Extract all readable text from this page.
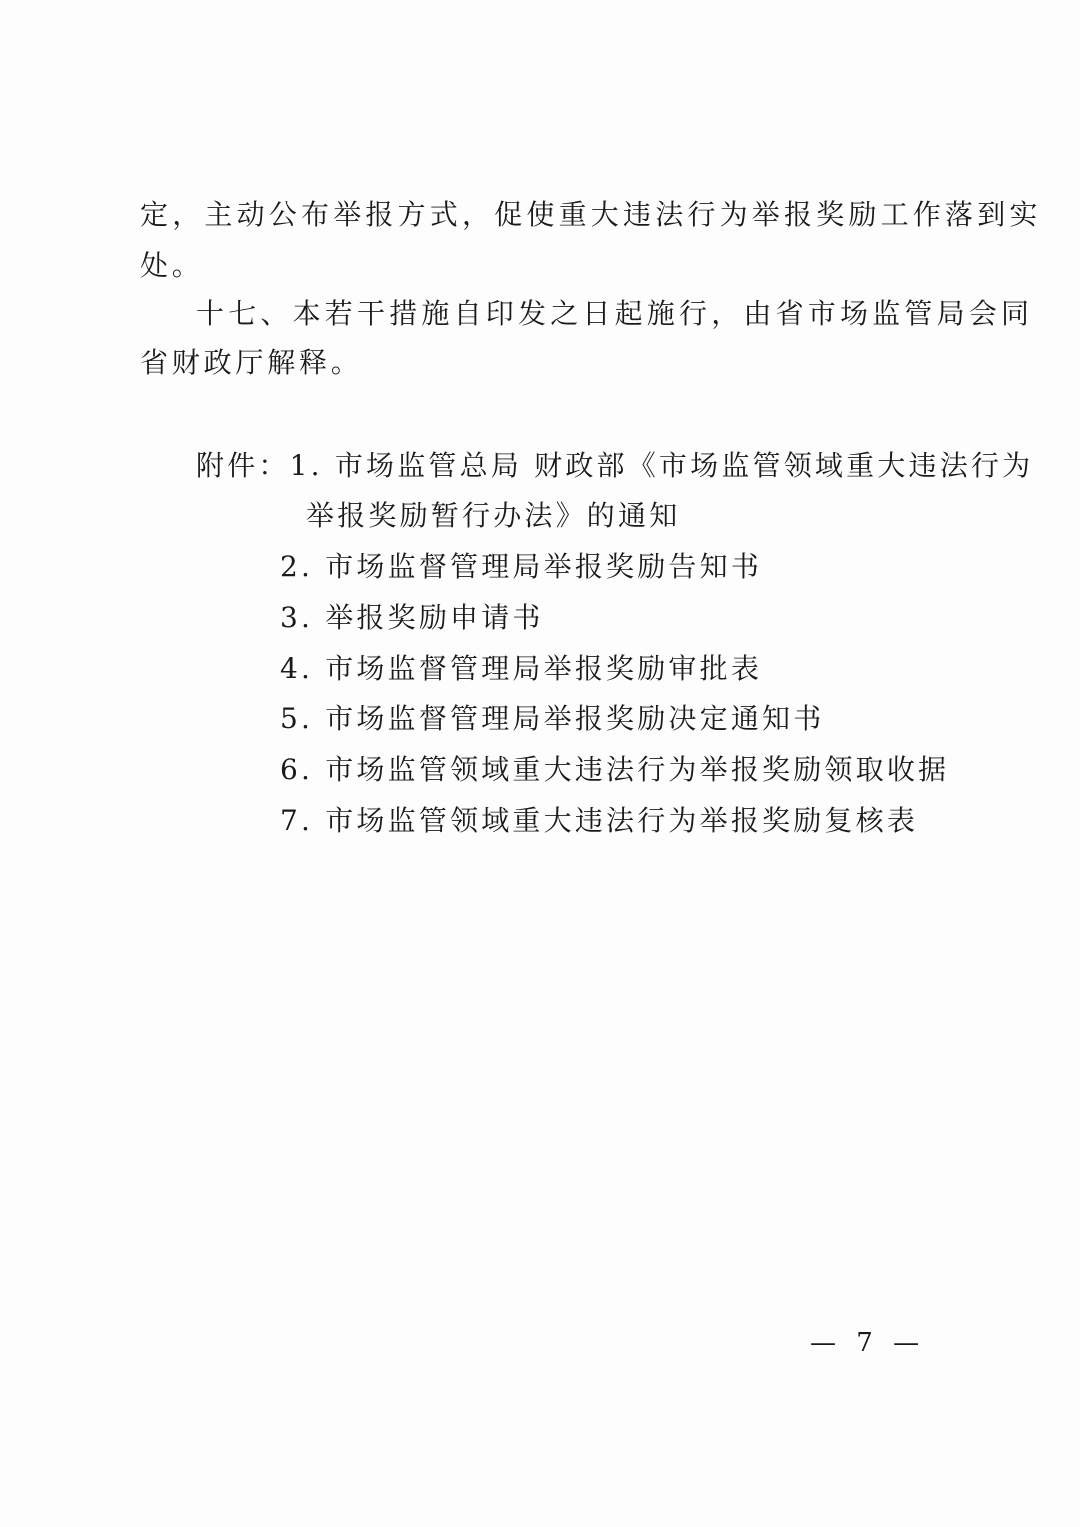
定，主动公布举报方式，促使重大违法行为举报奖励工作落到实
处。
十七、本若干措施自印发之日起施行，由省市场监管局会同
省财政厅解释。
附件：1. 市场监管总局 财政部《市场监管领域重大违法行为
举报奖励暂行办法》的通知
2. 市场监督管理局举报奖励告知书
3. 举报奖励申请书
4. 市场监督管理局举报奖励审批表
5. 市场监督管理局举报奖励决定通知书
6. 市场监管领域重大违法行为举报奖励领取收据
7. 市场监管领域重大违法行为举报奖励复核表
— 7 —
